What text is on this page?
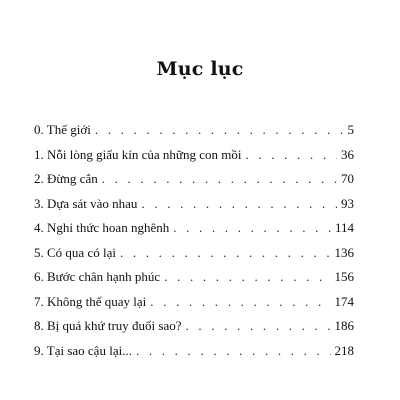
Mục lục
0. Thế giới . . .	5
1. Nỗi lòng giấu kín của những con mồi . . .	36
2. Đừng cắn . . .	70
3. Dựa sát vào nhau . . .	93
4. Nghi thức hoan nghênh . . .	114
5. Có qua có lại . . .	136
6. Bước chân hạnh phúc . . .	156
7. Không thể quay lại . . .	174
8. Bị quá khứ truy đuổi sao? . . .	186
9. Tại sao cậu lại... . . .	218
